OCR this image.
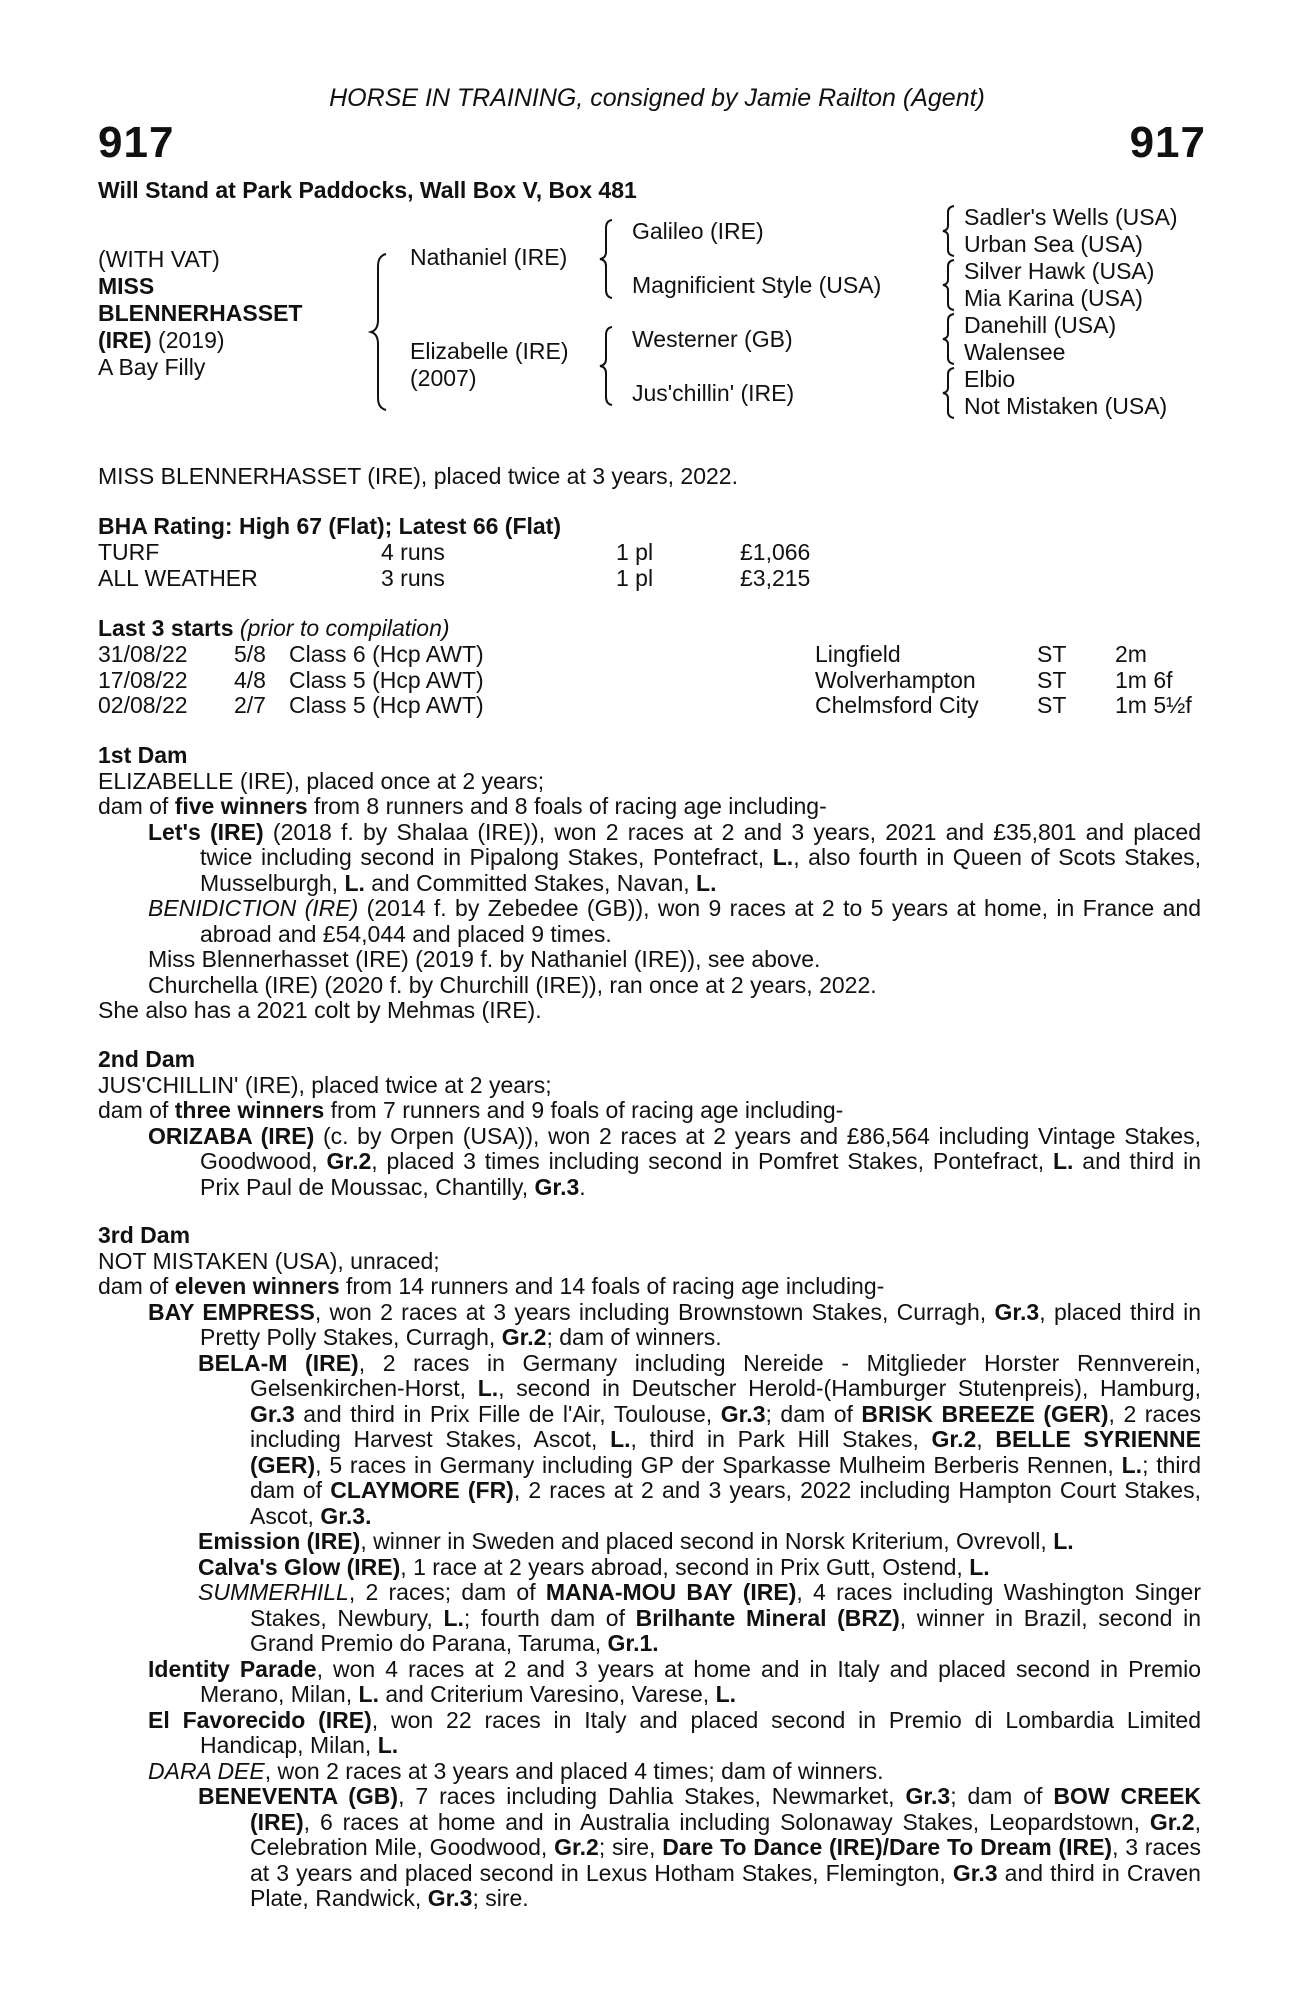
HORSE IN TRAINING, consigned by Jamie Railton (Agent)
917	917
Will Stand at Park Paddocks, Wall Box V, Box 481
(WITH VAT)
MISS
BLENNERHASSET
(IRE) (2019)
A Bay Filly
Nathaniel (IRE)
Elizabelle (IRE)
(2007)
Galileo (IRE)
Magnificient Style (USA)
Westerner (GB)
Jus'chillin' (IRE)
Sadler's Wells (USA)
Urban Sea (USA)
Silver Hawk (USA)
Mia Karina (USA)
Danehill (USA)
Walensee
Elbio
Not Mistaken (USA)
MISS BLENNERHASSET (IRE), placed twice at 3 years, 2022.
BHA Rating: High 67 (Flat); Latest 66 (Flat)
TURF	4 runs	1 pl	£1,066
ALL WEATHER	3 runs	1 pl	£3,215
Last 3 starts (prior to compilation)
31/08/22	5/8	Class 6 (Hcp AWT)	Lingfield	ST	2m
17/08/22	4/8	Class 5 (Hcp AWT)	Wolverhampton	ST	1m 6f
02/08/22	2/7	Class 5 (Hcp AWT)	Chelmsford City	ST	1m 5½f

1st Dam

ELIZABELLE (IRE), placed once at 2 years;

dam of five winners from 8 runners and 8 foals of racing age including-

Let's (IRE) (2018 f. by Shalaa (IRE)), won 2 races at 2 and 3 years, 2021 and £35,801 and placed twice including second in Pipalong Stakes, Pontefract, L., also fourth in Queen of Scots Stakes, Musselburgh, L. and Committed Stakes, Navan, L.

BENIDICTION (IRE) (2014 f. by Zebedee (GB)), won 9 races at 2 to 5 years at home, in France and abroad and £54,044 and placed 9 times.

Miss Blennerhasset (IRE) (2019 f. by Nathaniel (IRE)), see above.

Churchella (IRE) (2020 f. by Churchill (IRE)), ran once at 2 years, 2022.

She also has a 2021 colt by Mehmas (IRE).

2nd Dam

JUS'CHILLIN' (IRE), placed twice at 2 years;

dam of three winners from 7 runners and 9 foals of racing age including-

ORIZABA (IRE) (c. by Orpen (USA)), won 2 races at 2 years and £86,564 including Vintage Stakes, Goodwood, Gr.2, placed 3 times including second in Pomfret Stakes, Pontefract, L. and third in Prix Paul de Moussac, Chantilly, Gr.3.

3rd Dam

NOT MISTAKEN (USA), unraced;

dam of eleven winners from 14 runners and 14 foals of racing age including-

BAY EMPRESS, won 2 races at 3 years including Brownstown Stakes, Curragh, Gr.3, placed third in Pretty Polly Stakes, Curragh, Gr.2; dam of winners.

BELA-M (IRE), 2 races in Germany including Nereide - Mitglieder Horster Rennverein, Gelsenkirchen-Horst, L., second in Deutscher Herold-(Hamburger Stutenpreis), Hamburg, Gr.3 and third in Prix Fille de l'Air, Toulouse, Gr.3; dam of BRISK BREEZE (GER), 2 races including Harvest Stakes, Ascot, L., third in Park Hill Stakes, Gr.2, BELLE SYRIENNE (GER), 5 races in Germany including GP der Sparkasse Mulheim Berberis Rennen, L.; third dam of CLAYMORE (FR), 2 races at 2 and 3 years, 2022 including Hampton Court Stakes, Ascot, Gr.3.

Emission (IRE), winner in Sweden and placed second in Norsk Kriterium, Ovrevoll, L.

Calva's Glow (IRE), 1 race at 2 years abroad, second in Prix Gutt, Ostend, L.

SUMMERHILL, 2 races; dam of MANA-MOU BAY (IRE), 4 races including Washington Singer Stakes, Newbury, L.; fourth dam of Brilhante Mineral (BRZ), winner in Brazil, second in Grand Premio do Parana, Taruma, Gr.1.

Identity Parade, won 4 races at 2 and 3 years at home and in Italy and placed second in Premio Merano, Milan, L. and Criterium Varesino, Varese, L.

El Favorecido (IRE), won 22 races in Italy and placed second in Premio di Lombardia Limited Handicap, Milan, L.

DARA DEE, won 2 races at 3 years and placed 4 times; dam of winners.

BENEVENTA (GB), 7 races including Dahlia Stakes, Newmarket, Gr.3; dam of BOW CREEK (IRE), 6 races at home and in Australia including Solonaway Stakes, Leopardstown, Gr.2, Celebration Mile, Goodwood, Gr.2; sire, Dare To Dance (IRE)/Dare To Dream (IRE), 3 races at 3 years and placed second in Lexus Hotham Stakes, Flemington, Gr.3 and third in Craven Plate, Randwick, Gr.3; sire.
